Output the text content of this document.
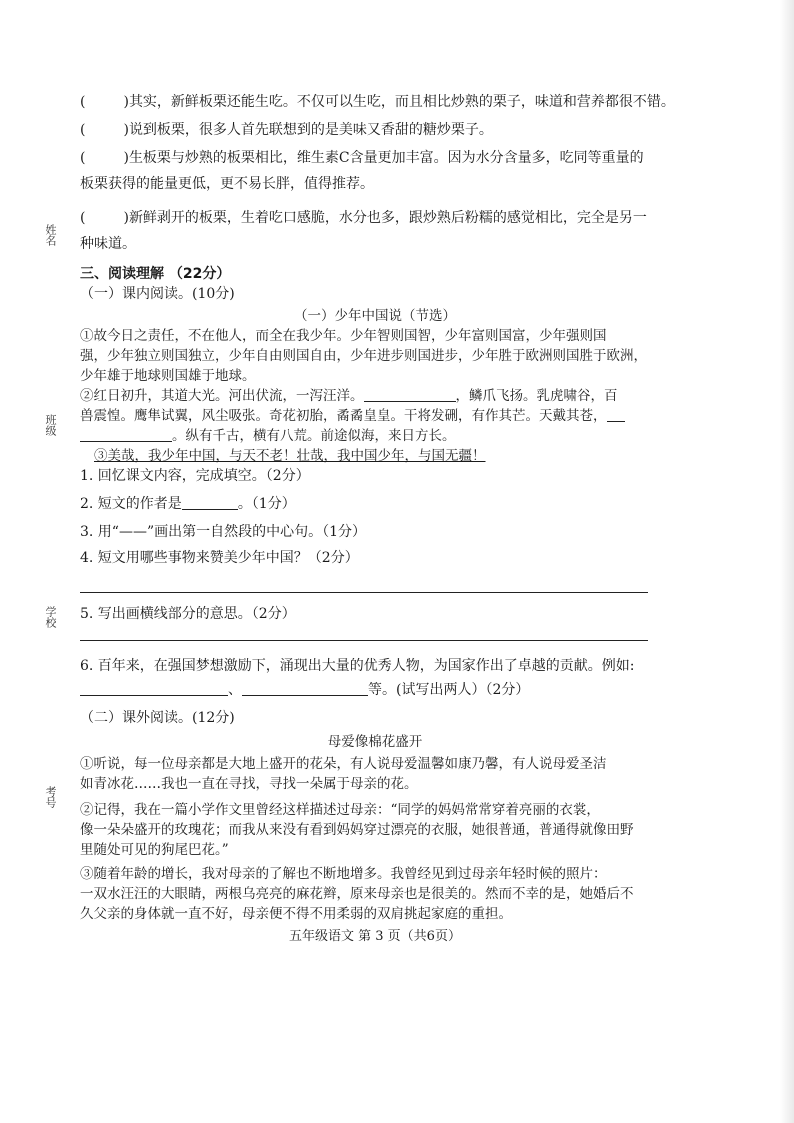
姓名
班级
学校
考号
(	)其实，新鲜板栗还能生吃。不仅可以生吃，而且相比炒熟的栗子，味道和营养都很不错。
(	)说到板栗，很多人首先联想到的是美味又香甜的糖炒栗子。
(	)生板栗与炒熟的板栗相比，维生素C含量更加丰富。因为水分含量多，吃同等重量的
板栗获得的能量更低，更不易长胖，值得推荐。
(	)新鲜剥开的板栗，生着吃口感脆，水分也多，跟炒熟后粉糯的感觉相比，完全是另一
种味道。
三、阅读理解 （22分）
（一）课内阅读。(10分)
（一）少年中国说（节选）
①故今日之责任，不在他人，而全在我少年。少年智则国智，少年富则国富，少年强则国
强，少年独立则国独立，少年自由则国自由，少年进步则国进步，少年胜于欧洲则国胜于欧洲，
少年雄于地球则国雄于地球。
②红日初升，其道大光。河出伏流，一泻汪洋。	，鳞爪飞扬。乳虎啸谷，百
兽震惶。鹰隼试翼，风尘吸张。奇花初胎，矞矞皇皇。干将发硎，有作其芒。天戴其苍，
。纵有千古，横有八荒。前途似海，来日方长。
③美哉，我少年中国，与天不老！壮哉，我中国少年，与国无疆！
1. 回忆课文内容，完成填空。（2分）
2. 短文的作者是	。（1分）
3. 用“——”画出第一自然段的中心句。（1分）
4. 短文用哪些事物来赞美少年中国？（2分）
5. 写出画横线部分的意思。（2分）
6. 百年来，在强国梦想激励下，涌现出大量的优秀人物，为国家作出了卓越的贡献。例如:
、	等。(试写出两人）（2分）
（二）课外阅读。(12分)
母爱像棉花盛开
①听说，每一位母亲都是大地上盛开的花朵，有人说母爱温馨如康乃馨，有人说母爱圣洁
如青冰花……我也一直在寻找，寻找一朵属于母亲的花。
②记得，我在一篇小学作文里曾经这样描述过母亲：“同学的妈妈常常穿着亮丽的衣裳，
像一朵朵盛开的玫瑰花；而我从来没有看到妈妈穿过漂亮的衣服，她很普通，普通得就像田野
里随处可见的狗尾巴花。”
③随着年龄的增长，我对母亲的了解也不断地增多。我曾经见到过母亲年轻时候的照片：
一双水汪汪的大眼睛，两根乌亮亮的麻花辫，原来母亲也是很美的。然而不幸的是，她婚后不
久父亲的身体就一直不好，母亲便不得不用柔弱的双肩挑起家庭的重担。
五年级语文 第 3 页（共6页）
